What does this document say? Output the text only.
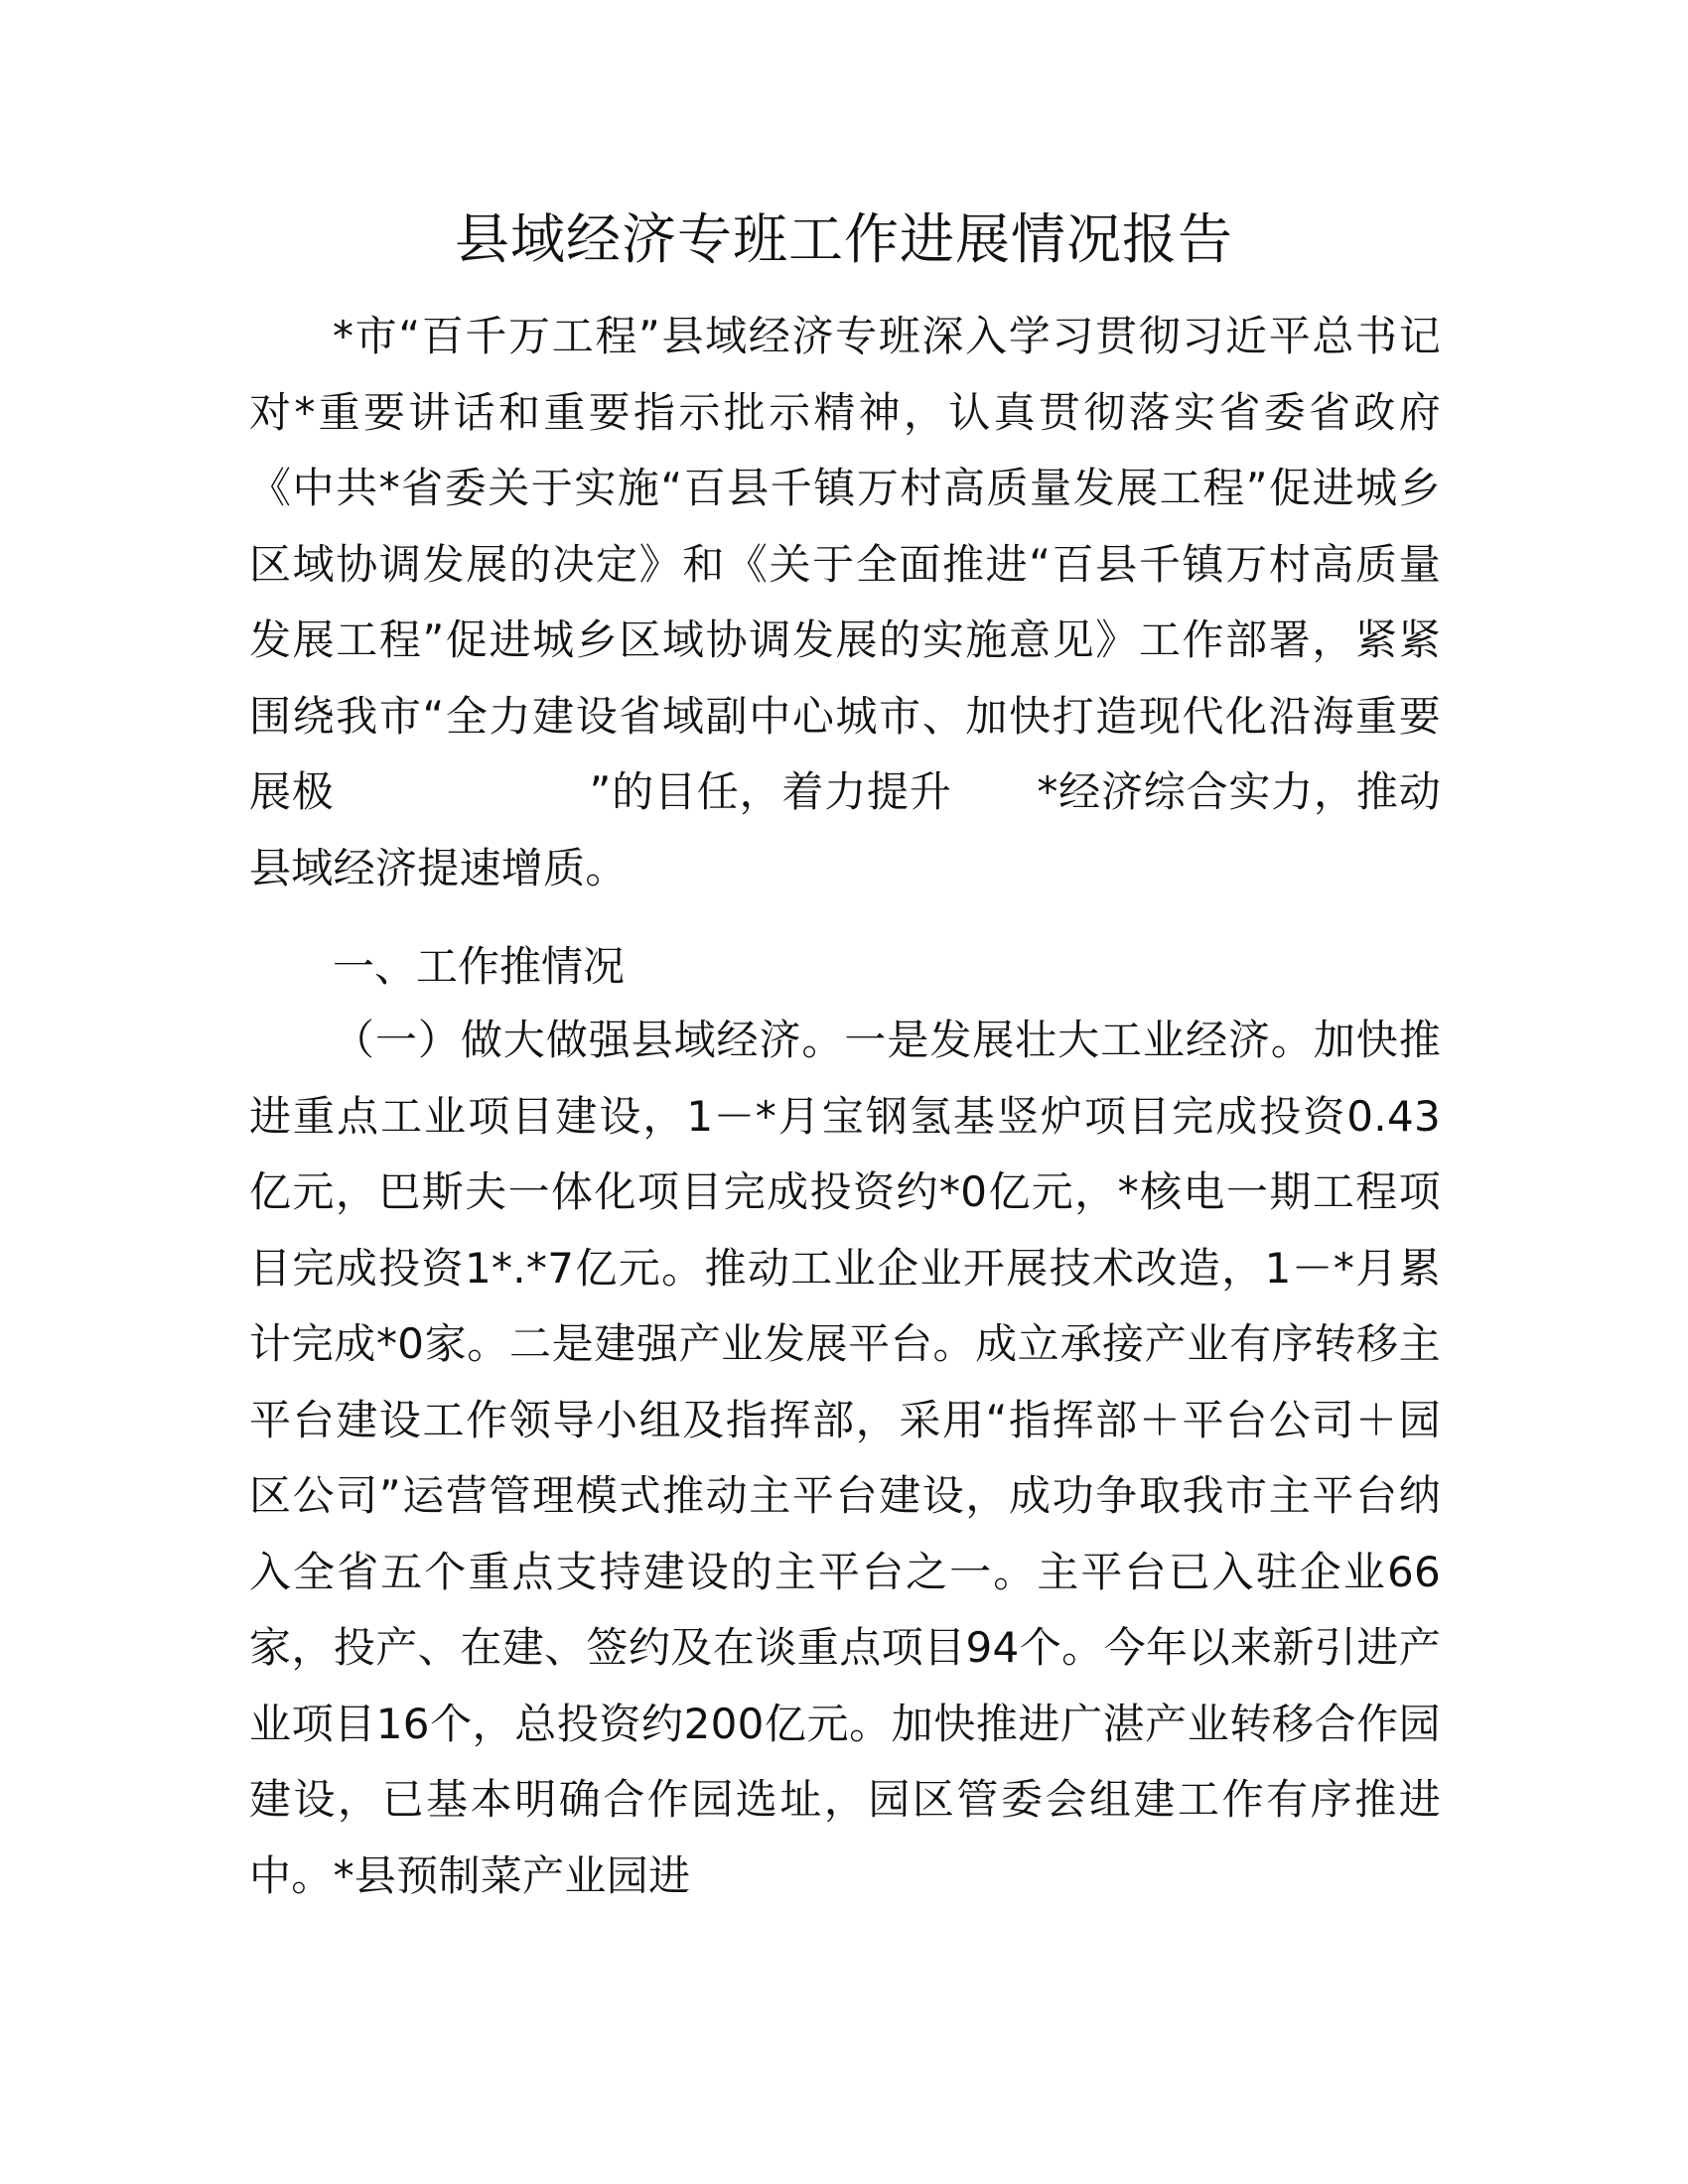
县域经济专班工作进展情况报告

*市“百千万工程”县域经济专班深入学习贯彻习近平总书记对*重要讲话和重要指示批示精神，认真贯彻落实省委省政府《中共*省委关于实施“百县千镇万村高质量发展工程”促进城乡区域协调发展的决定》和《关于全面推进“百县千镇万村高质量发展工程”促进城乡区域协调发展的实施意见》工作部署，紧紧围绕我市“全力建设省域副中心城市、加快打造现代化沿海重要展极　　　　　　”的目任，着力提升　　*经济综合实力，推动县域经济提速增质。

一、工作推情况

（一）做大做强县域经济。一是发展壮大工业经济。加快推进重点工业项目建设，1－*月宝钢氢基竖炉项目完成投资0.43亿元，巴斯夫一体化项目完成投资约*0亿元，*核电一期工程项目完成投资1*.*7亿元。推动工业企业开展技术改造，1－*月累计完成*0家。二是建强产业发展平台。成立承接产业有序转移主平台建设工作领导小组及指挥部，采用“指挥部＋平台公司＋园区公司”运营管理模式推动主平台建设，成功争取我市主平台纳入全省五个重点支持建设的主平台之一。主平台已入驻企业66家，投产、在建、签约及在谈重点项目94个。今年以来新引进产业项目16个，总投资约200亿元。加快推进广湛产业转移合作园建设，已基本明确合作园选址，园区管委会组建工作有序推进中。*县预制菜产业园进
